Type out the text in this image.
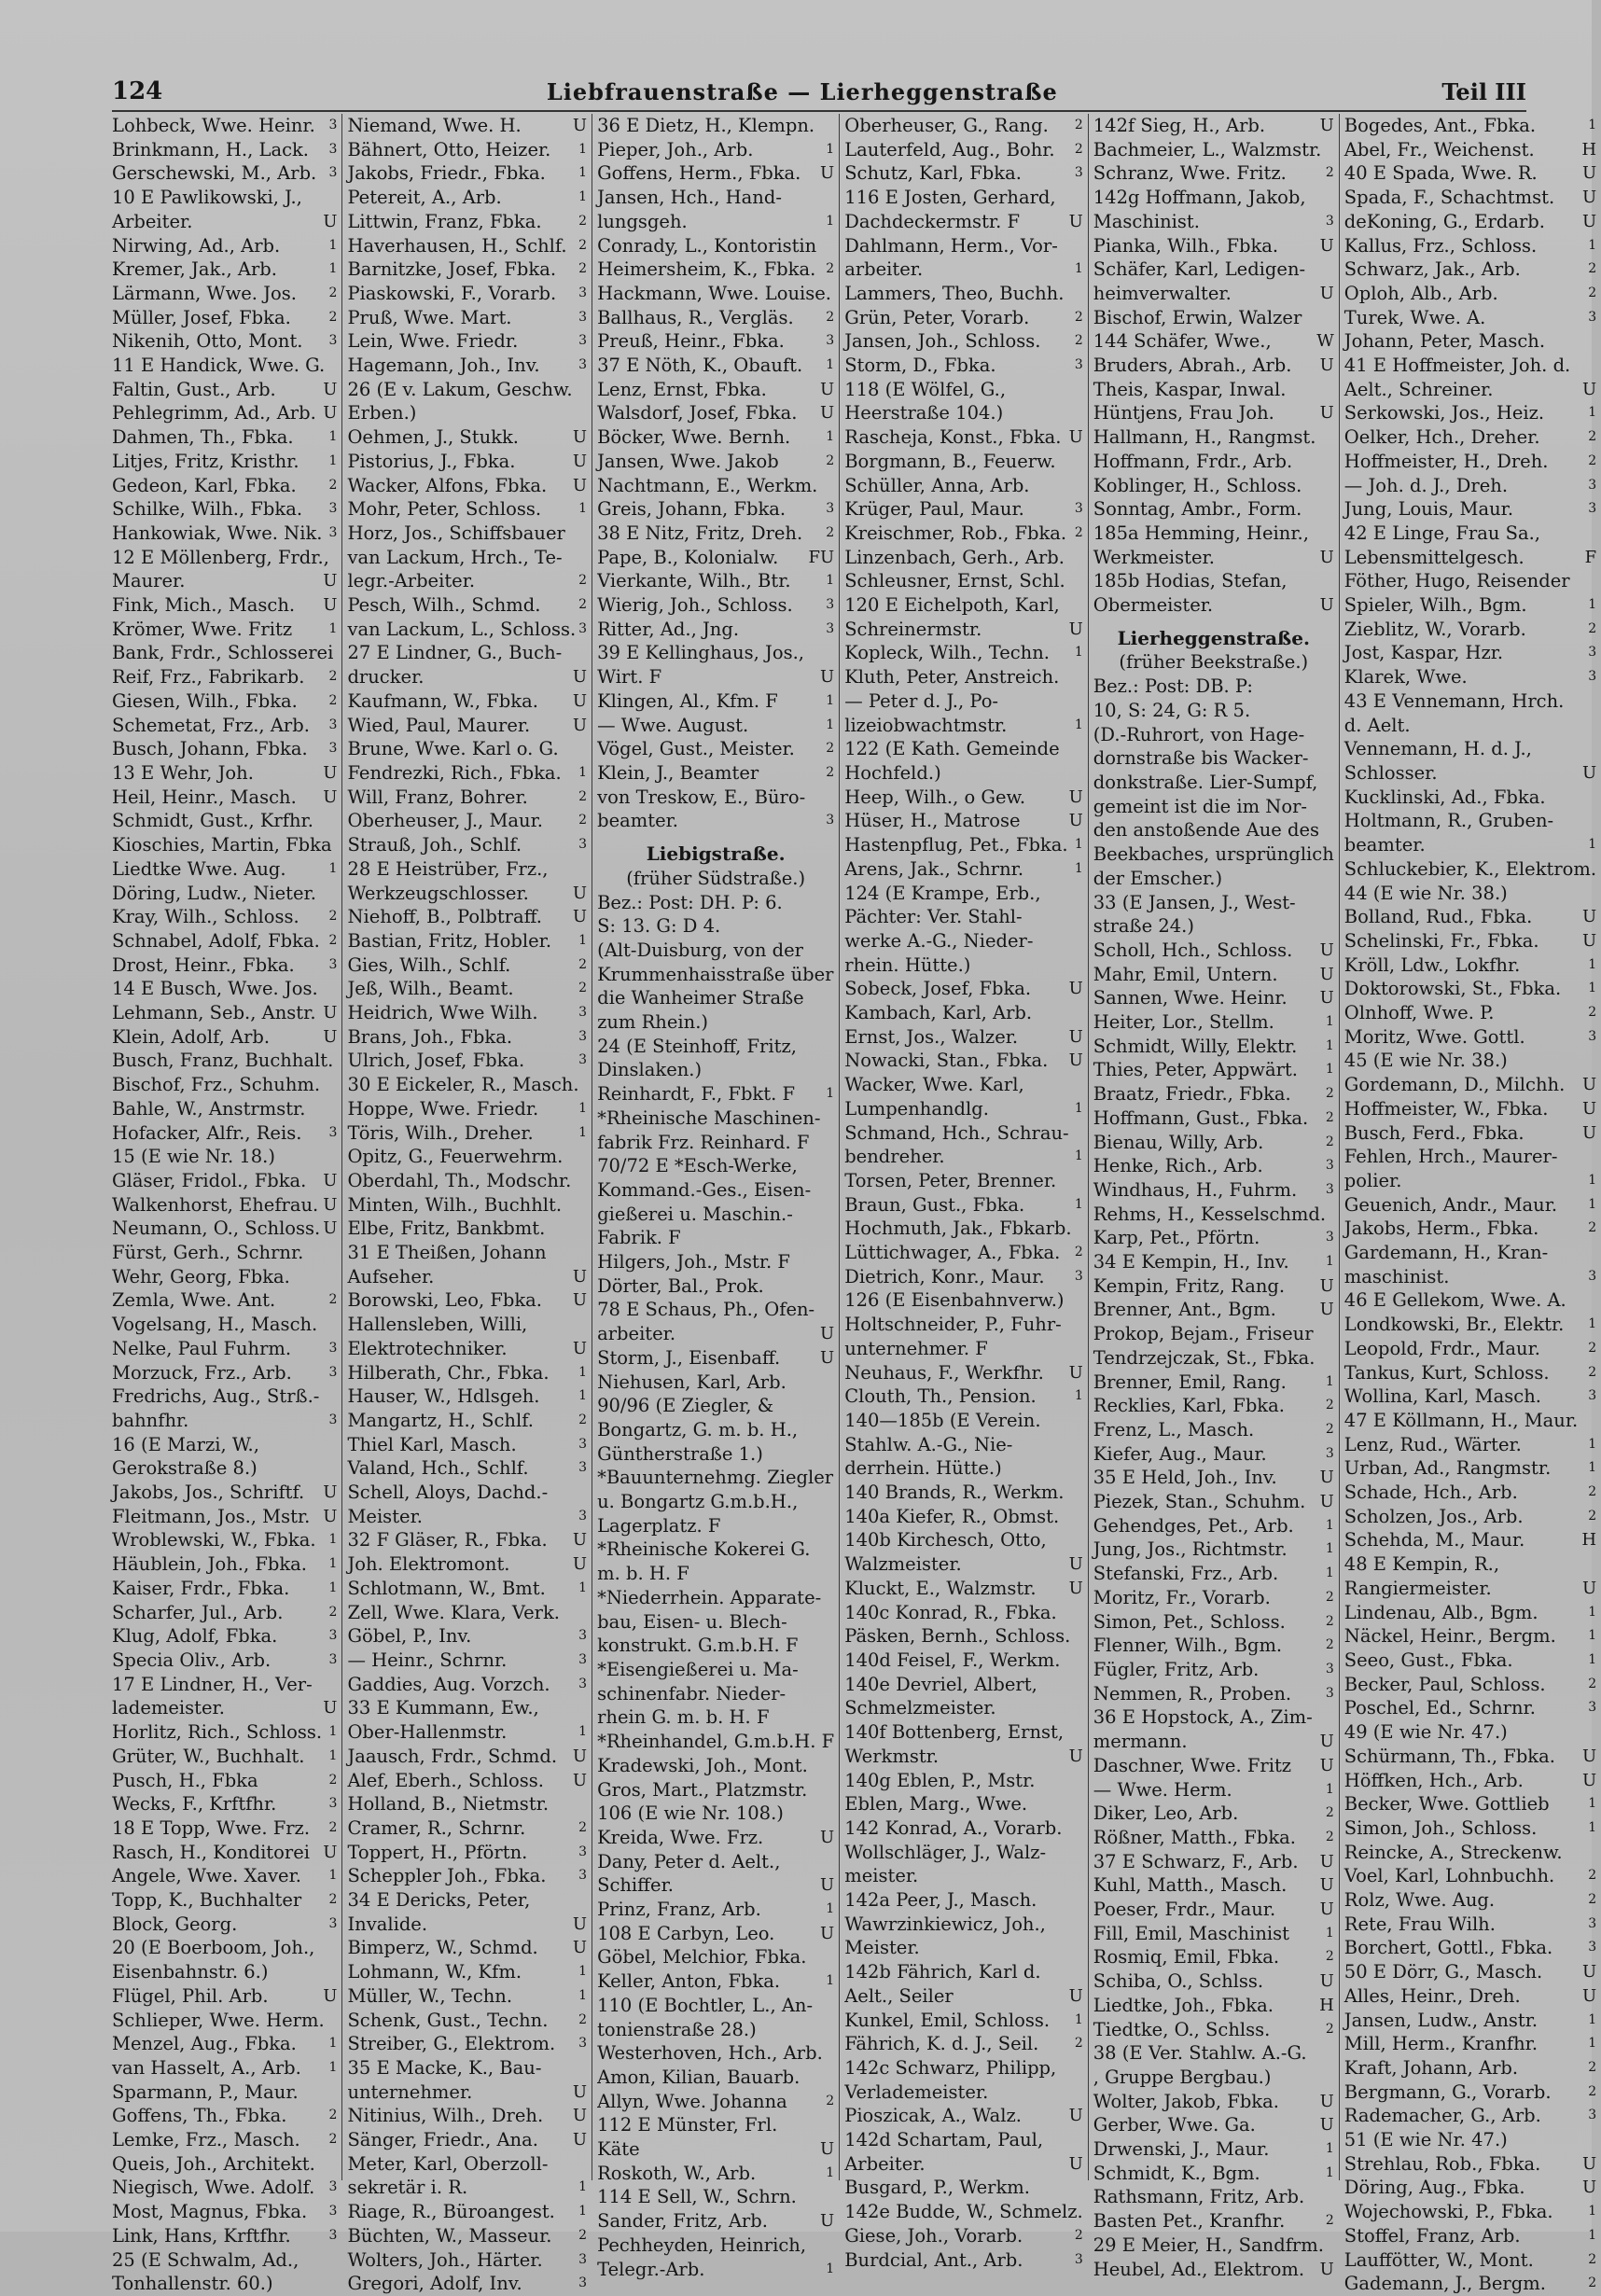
124	Liebfrauenstraße — Lierheggenstraße	Teil III
Lohbeck, Wwe. Heinr. 3
Brinkmann, H., Lack. 3
Gerschewski, M., Arb. 3
10 E Pawlikowski, J.,
Arbeiter.	U
Nirwing, Ad., Arb.	1
Kremer, Jak., Arb.	1
Lärmann, Wwe. Jos. 2
Müller, Josef, Fbka.	2
Nikenih, Otto, Mont. 3
11 E Handick, Wwe. G.
Faltin, Gust., Arb.	U
Pehlegrimm, Ad., Arb. U
Dahmen, Th., Fbka.	1
Litjes, Fritz, Kristhr. 1
Gedeon, Karl, Fbka. 2
Schilke, Wilh., Fbka. 3
Hankowiak, Wwe. Nik. 3
12 E Möllenberg, Frdr.,
Maurer.	U
Fink, Mich., Masch. U
Krömer, Wwe. Fritz	1
Bank, Frdr., Schlosserei
Reif, Frz., Fabrikarb. 2
Giesen, Wilh., Fbka. 2
Schemetat, Frz., Arb. 3
Busch, Johann, Fbka. 3
13 E Wehr, Joh.	U
Heil, Heinr., Masch. U
Schmidt, Gust., Krfhr.
Kioschies, Martin, Fbka
Liedtke Wwe. Aug.	1
Döring, Ludw., Nieter.
Kray, Wilh., Schloss. 2
Schnabel, Adolf, Fbka. 2
Drost, Heinr., Fbka.	3
14 E Busch, Wwe. Jos.
Lehmann, Seb., Anstr. U
Klein, Adolf, Arb.	U
Busch, Franz, Buchhalt.
Bischof, Frz., Schuhm.
Bahle, W., Anstrmstr.
Hofacker, Alfr., Reis. 3
15 (E wie Nr. 18.)
Gläser, Fridol., Fbka. U
Walkenhorst, Ehefrau. U
Neumann, O., Schloss. U
Fürst, Gerh., Schrnr.
Wehr, Georg, Fbka.
Zemla, Wwe. Ant.	2
Vogelsang, H., Masch.
Nelke, Paul Fuhrm.	3
Morzuck, Frz., Arb.	3
Fredrichs, Aug., Strß.-
bahnfhr.	3
16 (E Marzi, W.,
Gerokstraße 8.)
Jakobs, Jos., Schriftf. U
Fleitmann, Jos., Mstr. U
Wroblewski, W., Fbka. 1
Häublein, Joh., Fbka. 1
Kaiser, Frdr., Fbka.	1
Scharfer, Jul., Arb.	2
Klug, Adolf, Fbka.	3
Specia Oliv., Arb.	3
17 E Lindner, H., Ver-
lademeister.	U
Horlitz, Rich., Schloss. 1
Grüter, W., Buchhalt. 1
Pusch, H., Fbka	2
Wecks, F., Krftfhr.	3
18 E Topp, Wwe. Frz. 2
Rasch, H., Konditorei U
Angele, Wwe. Xaver. 1
Topp, K., Buchhalter 2
Block, Georg.	3
20 (E Boerboom, Joh.,
Eisenbahnstr. 6.)
Flügel, Phil. Arb.	U
Schlieper, Wwe. Herm.
Menzel, Aug., Fbka. 1
van Hasselt, A., Arb. 1
Sparmann, P., Maur.
Goffens, Th., Fbka.	2
Lemke, Frz., Masch. 2
Queis, Joh., Architekt.
Niegisch, Wwe. Adolf. 3
Most, Magnus, Fbka. 3
Link, Hans, Krftfhr.	3
25 (E Schwalm, Ad.,
Tonhallenstr. 60.)
Niemand, Wwe. H.	U
Bähnert, Otto, Heizer. 1
Jakobs, Friedr., Fbka.	1
Petereit, A., Arb.	1
Littwin, Franz, Fbka.	2
Haverhausen, H., Schlf. 2
Barnitzke, Josef, Fbka. 2
Piaskowski, F., Vorarb. 3
Pruß, Wwe. Mart.	3
Lein, Wwe. Friedr.	3
Hagemann, Joh., Inv.	3
26 (E v. Lakum, Geschw.
Erben.)
Oehmen, J., Stukk.	U
Pistorius, J., Fbka.	U
Wacker, Alfons, Fbka. U
Mohr, Peter, Schloss.	1
Horz, Jos., Schiffsbauer
van Lackum, Hrch., Te-
legr.-Arbeiter.	2
Pesch, Wilh., Schmd.	2
van Lackum, L., Schloss. 3
27 E Lindner, G., Buch-
drucker.	U
Kaufmann, W., Fbka. U
Wied, Paul, Maurer.	U
Brune, Wwe. Karl o. G.
Fendrezki, Rich., Fbka. 1
Will, Franz, Bohrer.	2
Oberheuser, J., Maur.	2
Strauß, Joh., Schlf.	3
28 E Heistrüber, Frz.,
Werkzeugschlosser.	U
Niehoff, B., Polbtraff. U
Bastian, Fritz, Hobler. 1
Gies, Wilh., Schlf.	2
Jeß, Wilh., Beamt.	2
Heidrich, Wwe Wilh.	3
Brans, Joh., Fbka.	3
Ulrich, Josef, Fbka.	3
30 E Eickeler, R., Masch.
Hoppe, Wwe. Friedr.	1
Töris, Wilh., Dreher.	1
Opitz, G., Feuerwehrm.
Oberdahl, Th., Modschr.
Minten, Wilh., Buchhlt.
Elbe, Fritz, Bankbmt.
31 E Theißen, Johann
Aufseher.	U
Borowski, Leo, Fbka. U
Hallensleben, Willi,
Elektrotechniker.	U
Hilberath, Chr., Fbka. 1
Hauser, W., Hdlsgeh.	1
Mangartz, H., Schlf.	2
Thiel Karl, Masch.	3
Valand, Hch., Schlf.	3
Schell, Aloys, Dachd.-
Meister.	3
32 F Gläser, R., Fbka. U
Joh. Elektromont.	U
Schlotmann, W., Bmt.	1
Zell, Wwe. Klara, Verk.
Göbel, P., Inv.	3
— Heinr., Schrnr.	3
Gaddies, Aug. Vorzch. 3
33 E Kummann, Ew.,
Ober-Hallenmstr.	1
Jaausch, Frdr., Schmd. U
Alef, Eberh., Schloss. U
Holland, B., Nietmstr.
Cramer, R., Schrnr.	2
Toppert, H., Pförtn.	3
Scheppler Joh., Fbka. 3
34 E Dericks, Peter,
Invalide.	U
Bimperz, W., Schmd. U
Lohmann, W., Kfm.	1
Müller, W., Techn.	1
Schenk, Gust., Techn. 2
Streiber, G., Elektrom. 3
35 E Macke, K., Bau-
unternehmer.	U
Nitinius, Wilh., Dreh. U
Sänger, Friedr., Ana. U
Meter, Karl, Oberzoll-
sekretär i. R.	1
Riage, R., Büroangest. 1
Büchten, W., Masseur. 2
Wolters, Joh., Härter.	3
Gregori, Adolf, Inv.	3
36 E Dietz, H., Klempn.
Pieper, Joh., Arb.	1
Goffens, Herm., Fbka. U
Jansen, Hch., Hand-
lungsgeh.	1
Conrady, L., Kontoristin
Heimersheim, K., Fbka. 2
Hackmann, Wwe. Louise.
Ballhaus, R., Vergläs. 2
Preuß, Heinr., Fbka.	3
37 E Nöth, K., Obauft. 1
Lenz, Ernst, Fbka.	U
Walsdorf, Josef, Fbka. U
Böcker, Wwe. Bernh.	1
Jansen, Wwe. Jakob	2
Nachtmann, E., Werkm.
Greis, Johann, Fbka.	3
38 E Nitz, Fritz, Dreh. 2
Pape, B., Kolonialw. FU
Vierkante, Wilh., Btr.	1
Wierig, Joh., Schloss.	3
Ritter, Ad., Jng.	3
39 E Kellinghaus, Jos.,
Wirt. F	U
Klingen, Al., Kfm. F	1
— Wwe. August.	1
Vögel, Gust., Meister. 2
Klein, J., Beamter	2
von Treskow, E., Büro-
beamter.	3
Liebigstraße.
(früher Südstraße.)
Bez.: Post: DH. P: 6.
S: 13. G: D 4.
(Alt-Duisburg, von der
Krummenhaisstraße über
die Wanheimer Straße
zum Rhein.)
24 (E Steinhoff, Fritz,
Dinslaken.)
Reinhardt, F., Fbkt. F 1
*Rheinische Maschinen-
fabrik Frz. Reinhard. F
70/72 E *Esch-Werke,
Kommand.-Ges., Eisen-
gießerei u. Maschin.-
Fabrik. F
Hilgers, Joh., Mstr. F
Dörter, Bal., Prok.
78 E Schaus, Ph., Ofen-
arbeiter.	U
Storm, J., Eisenbaff. U
Niehusen, Karl, Arb.
90/96 (E Ziegler, &
Bongartz, G. m. b. H.,
Güntherstraße 1.)
*Bauunternehmg. Ziegler
u. Bongartz G.m.b.H.,
Lagerplatz. F
*Rheinische Kokerei G.
m. b. H. F
*Niederrhein. Apparate-
bau, Eisen- u. Blech-
konstrukt. G.m.b.H. F
*Eisengießerei u. Ma-
schinenfabr. Nieder-
rhein G. m. b. H. F
*Rheinhandel, G.m.b.H. F
Kradewski, Joh., Mont.
Gros, Mart., Platzmstr.
106 (E wie Nr. 108.)
Kreida, Wwe. Frz.	U
Dany, Peter d. Aelt.,
Schiffer.	U
Prinz, Franz, Arb.	1
108 E Carbyn, Leo.	U
Göbel, Melchior, Fbka.
Keller, Anton, Fbka.	1
110 (E Bochtler, L., An-
tonienstraße 28.)
Westerhoven, Hch., Arb.
Amon, Kilian, Bauarb.
Allyn, Wwe. Johanna	2
112 E Münster, Frl.
Käte	U
Roskoth, W., Arb.	1
114 E Sell, W., Schrn.
Sander, Fritz, Arb.	U
Pechheyden, Heinrich,
Telegr.-Arb.	1
Oberheuser, G., Rang. 2
Lauterfeld, Aug., Bohr. 2
Schutz, Karl, Fbka.	3
116 E Josten, Gerhard,
Dachdeckermstr. F	U
Dahlmann, Herm., Vor-
arbeiter.	1
Lammers, Theo, Buchh.
Grün, Peter, Vorarb.	2
Jansen, Joh., Schloss.	2
Storm, D., Fbka.	3
118 (E Wölfel, G.,
Heerstraße 104.)
Rascheja, Konst., Fbka. U
Borgmann, B., Feuerw.
Schüller, Anna, Arb.
Krüger, Paul, Maur.	3
Kreischmer, Rob., Fbka. 2
Linzenbach, Gerh., Arb.
Schleusner, Ernst, Schl.
120 E Eichelpoth, Karl,
Schreinermstr.	U
Kopleck, Wilh., Techn. 1
Kluth, Peter, Anstreich.
— Peter d. J., Po-
lizeiobwachtmstr.	1
122 (E Kath. Gemeinde
Hochfeld.)
Heep, Wilh., o Gew.	U
Hüser, H., Matrose	U
Hastenpflug, Pet., Fbka. 1
Arens, Jak., Schrnr.	1
124 (E Krampe, Erb.,
Pächter: Ver. Stahl-
werke A.-G., Nieder-
rhein. Hütte.)
Sobeck, Josef, Fbka. U
Kambach, Karl, Arb.
Ernst, Jos., Walzer.	U
Nowacki, Stan., Fbka. U
Wacker, Wwe. Karl,
Lumpenhandlg.	1
Schmand, Hch., Schrau-
bendreher.	1
Torsen, Peter, Brenner.
Braun, Gust., Fbka.	1
Hochmuth, Jak., Fbkarb.
Lüttichwager, A., Fbka. 2
Dietrich, Konr., Maur. 3
126 (E Eisenbahnverw.)
Holtschneider, P., Fuhr-
unternehmer. F
Neuhaus, F., Werkfhr. U
Clouth, Th., Pension.	1
140—185b (E Verein.
Stahlw. A.-G., Nie-
derrhein. Hütte.)
140 Brands, R., Werkm.
140a Kiefer, R., Obmst.
140b Kirchesch, Otto,
Walzmeister.	U
Kluckt, E., Walzmstr. U
140c Konrad, R., Fbka.
Päsken, Bernh., Schloss.
140d Feisel, F., Werkm.
140e Devriel, Albert,
Schmelzmeister.
140f Bottenberg, Ernst,
Werkmstr.	U
140g Eblen, P., Mstr.
Eblen, Marg., Wwe.
142 Konrad, A., Vorarb.
Wollschläger, J., Walz-
meister.
142a Peer, J., Masch.
Wawrzinkiewicz, Joh.,
Meister.
142b Fährich, Karl d.
Aelt., Seiler	U
Kunkel, Emil, Schloss. 1
Fährich, K. d. J., Seil.	2
142c Schwarz, Philipp,
Verlademeister.
Pioszicak, A., Walz.	U
142d Schartam, Paul,
Arbeiter.	U
Busgard, P., Werkm.
142e Budde, W., Schmelz.
Giese, Joh., Vorarb.	2
Burdcial, Ant., Arb.	3
142f Sieg, H., Arb.	U
Bachmeier, L., Walzmstr.
Schranz, Wwe. Fritz.	2
142g Hoffmann, Jakob,
Maschinist.	3
Pianka, Wilh., Fbka. U
Schäfer, Karl, Ledigen-
heimverwalter.	U
Bischof, Erwin, Walzer
144 Schäfer, Wwe.,	W
Bruders, Abrah., Arb. U
Theis, Kaspar, Inwal.
Hüntjens, Frau Joh.	U
Hallmann, H., Rangmst.
Hoffmann, Frdr., Arb.
Koblinger, H., Schloss.
Sonntag, Ambr., Form.
185a Hemming, Heinr.,
Werkmeister.	U
185b Hodias, Stefan,
Obermeister.	U
Lierheggenstraße.
(früher Beekstraße.)
Bez.: Post: DB. P:
10, S: 24, G: R 5.
(D.-Ruhrort, von Hage-
dornstraße bis Wacker-
donkstraße. Lier-Sumpf,
gemeint ist die im Nor-
den anstoßende Aue des
Beekbaches, ursprünglich
der Emscher.)
33 (E Jansen, J., West-
straße 24.)
Scholl, Hch., Schloss. U
Mahr, Emil, Untern.	U
Sannen, Wwe. Heinr. U
Heiter, Lor., Stellm.	1
Schmidt, Willy, Elektr. 1
Thies, Peter, Appwärt. 1
Braatz, Friedr., Fbka.	2
Hoffmann, Gust., Fbka. 2
Bienau, Willy, Arb.	2
Henke, Rich., Arb.	3
Windhaus, H., Fuhrm. 3
Rehms, H., Kesselschmd.
Karp, Pet., Pförtn.	3
34 E Kempin, H., Inv.	1
Kempin, Fritz, Rang. U
Brenner, Ant., Bgm.	U
Prokop, Bejam., Friseur
Tendrzejczak, St., Fbka.
Brenner, Emil, Rang.	1
Recklies, Karl, Fbka.	2
Frenz, L., Masch.	2
Kiefer, Aug., Maur.	3
35 E Held, Joh., Inv.	U
Piezek, Stan., Schuhm. U
Gehendges, Pet., Arb. 1
Jung, Jos., Richtmstr.	1
Stefanski, Frz., Arb.	1
Moritz, Fr., Vorarb.	2
Simon, Pet., Schloss.	2
Flenner, Wilh., Bgm.	2
Fügler, Fritz, Arb.	3
Nemmen, R., Proben.	3
36 E Hopstock, A., Zim-
mermann.	U
Daschner, Wwe. Fritz U
— Wwe. Herm.	1
Diker, Leo, Arb.	2
Rößner, Matth., Fbka. 2
37 E Schwarz, F., Arb. U
Kuhl, Matth., Masch. U
Poeser, Frdr., Maur.	U
Fill, Emil, Maschinist	1
Rosmiq, Emil, Fbka.	2
Schiba, O., Schlss.	U
Liedtke, Joh., Fbka.	H
Tiedtke, O., Schlss.	2
38 (E Ver. Stahlw. A.-G.
, Gruppe Bergbau.)
Wolter, Jakob, Fbka. U
Gerber, Wwe. Ga.	U
Drwenski, J., Maur.	1
Schmidt, K., Bgm.	1
Rathsmann, Fritz, Arb.
Basten Pet., Kranfhr.	2
29 E Meier, H., Sandfrm.
Heubel, Ad., Elektrom. U
Bogedes, Ant., Fbka.	1
Abel, Fr., Weichenst.	H
40 E Spada, Wwe. R.	U
Spada, F., Schachtmst. U
deKoning, G., Erdarb. U
Kallus, Frz., Schloss.	1
Schwarz, Jak., Arb.	2
Oploh, Alb., Arb.	2
Turek, Wwe. A.	3
Johann, Peter, Masch.
41 E Hoffmeister, Joh. d.
Aelt., Schreiner.	U
Serkowski, Jos., Heiz.	1
Oelker, Hch., Dreher.	2
Hoffmeister, H., Dreh.	2
— Joh. d. J., Dreh.	3
Jung, Louis, Maur.	3
42 E Linge, Frau Sa.,
Lebensmittelgesch.	F
Föther, Hugo, Reisender
Spieler, Wilh., Bgm.	1
Zieblitz, W., Vorarb.	2
Jost, Kaspar, Hzr.	3
Klarek, Wwe.	3
43 E Vennemann, Hrch.
d. Aelt.
Vennemann, H. d. J.,
Schlosser.	U
Kucklinski, Ad., Fbka.
Holtmann, R., Gruben-
beamter.	1
Schluckebier, K., Elektrom.
44 (E wie Nr. 38.)
Bolland, Rud., Fbka.	U
Schelinski, Fr., Fbka.	U
Kröll, Ldw., Lokfhr.	1
Doktorowski, St., Fbka. 1
Olnhoff, Wwe. P.	2
Moritz, Wwe. Gottl.	3
45 (E wie Nr. 38.)
Gordemann, D., Milchh. U
Hoffmeister, W., Fbka. U
Busch, Ferd., Fbka.	U
Fehlen, Hrch., Maurer-
polier.	1
Geuenich, Andr., Maur. 1
Jakobs, Herm., Fbka.	2
Gardemann, H., Kran-
maschinist.	3
46 E Gellekom, Wwe. A.
Londkowski, Br., Elektr. 1
Leopold, Frdr., Maur.	2
Tankus, Kurt, Schloss.	2
Wollina, Karl, Masch.	3
47 E Köllmann, H., Maur.
Lenz, Rud., Wärter.	1
Urban, Ad., Rangmstr.	1
Schade, Hch., Arb.	2
Scholzen, Jos., Arb.	2
Schehda, M., Maur.	H
48 E Kempin, R.,
Rangiermeister.	U
Lindenau, Alb., Bgm.	1
Näckel, Heinr., Bergm. 1
Seeo, Gust., Fbka.	1
Becker, Paul, Schloss.	2
Poschel, Ed., Schrnr.	3
49 (E wie Nr. 47.)
Schürmann, Th., Fbka. U
Höffken, Hch., Arb.	U
Becker, Wwe. Gottlieb	1
Simon, Joh., Schloss.	1
Reincke, A., Streckenw.
Voel, Karl, Lohnbuchh.	2
Rolz, Wwe. Aug.	2
Rete, Frau Wilh.	3
Borchert, Gottl., Fbka.	3
50 E Dörr, G., Masch. U
Alles, Heinr., Dreh.	U
Jansen, Ludw., Anstr.	1
Mill, Herm., Kranfhr.	1
Kraft, Johann, Arb.	2
Bergmann, G., Vorarb.	2
Rademacher, G., Arb.	3
51 (E wie Nr. 47.)
Strehlau, Rob., Fbka. U
Döring, Aug., Fbka.	U
Wojechowski, P., Fbka.	1
Stoffel, Franz, Arb.	1
Lauffötter, W., Mont.	2
Gademann, J., Bergm.	2
